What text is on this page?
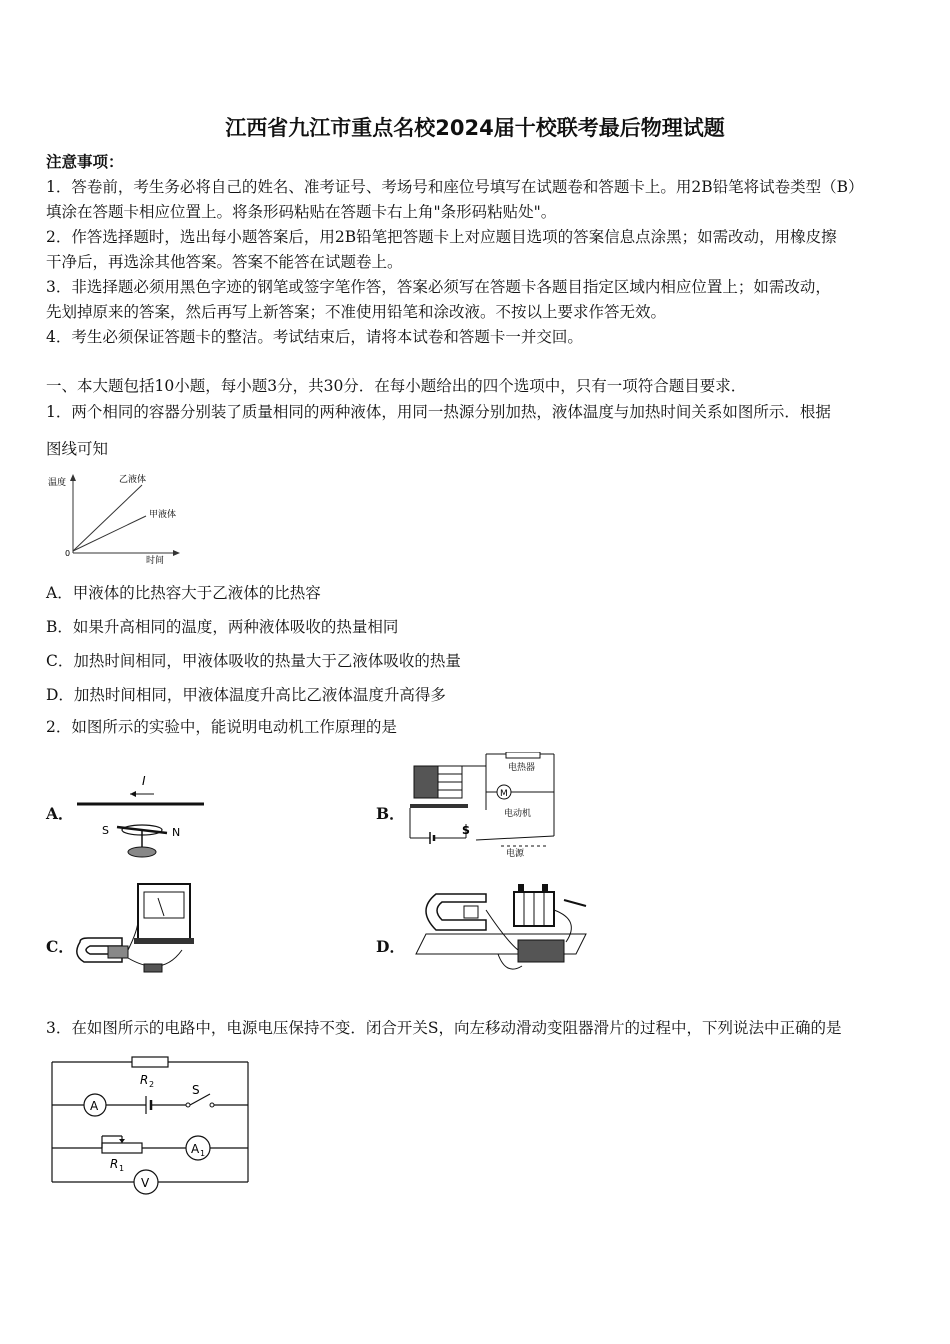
江西省九江市重点名校2024届十校联考最后物理试题
注意事项：
1．答卷前，考生务必将自己的姓名、准考证号、考场号和座位号填写在试题卷和答题卡上。用2B铅笔将试卷类型（B）
填涂在答题卡相应位置上。将条形码粘贴在答题卡右上角"条形码粘贴处"。
2．作答选择题时，选出每小题答案后，用2B铅笔把答题卡上对应题目选项的答案信息点涂黑；如需改动，用橡皮擦
干净后，再选涂其他答案。答案不能答在试题卷上。
3．非选择题必须用黑色字迹的钢笔或签字笔作答，答案必须写在答题卡各题目指定区域内相应位置上；如需改动，
先划掉原来的答案，然后再写上新答案；不准使用铅笔和涂改液。不按以上要求作答无效。
4．考生必须保证答题卡的整洁。考试结束后，请将本试卷和答题卡一并交回。
一、本大题包括10小题，每小题3分，共30分．在每小题给出的四个选项中，只有一项符合题目要求．
1．两个相同的容器分别装了质量相同的两种液体，用同一热源分别加热，液体温度与加热时间关系如图所示．根据
图线可知
温度
时间
0
乙液体
甲液体
A．甲液体的比热容大于乙液体的比热容
B．如果升高相同的温度，两种液体吸收的热量相同
C．加热时间相同，甲液体吸收的热量大于乙液体吸收的热量
D．加热时间相同，甲液体温度升高比乙液体温度升高得多
2．如图所示的实验中，能说明电动机工作原理的是
A．
I
S	N
B．
M
电热器
电动机
S
电源
C．	D．
3．在如图所示的电路中，电源电压保持不变．闭合开关S，向左移动滑动变阻器滑片的过程中，下列说法中正确的是
R 2
A
S
A 1
R 1
V
